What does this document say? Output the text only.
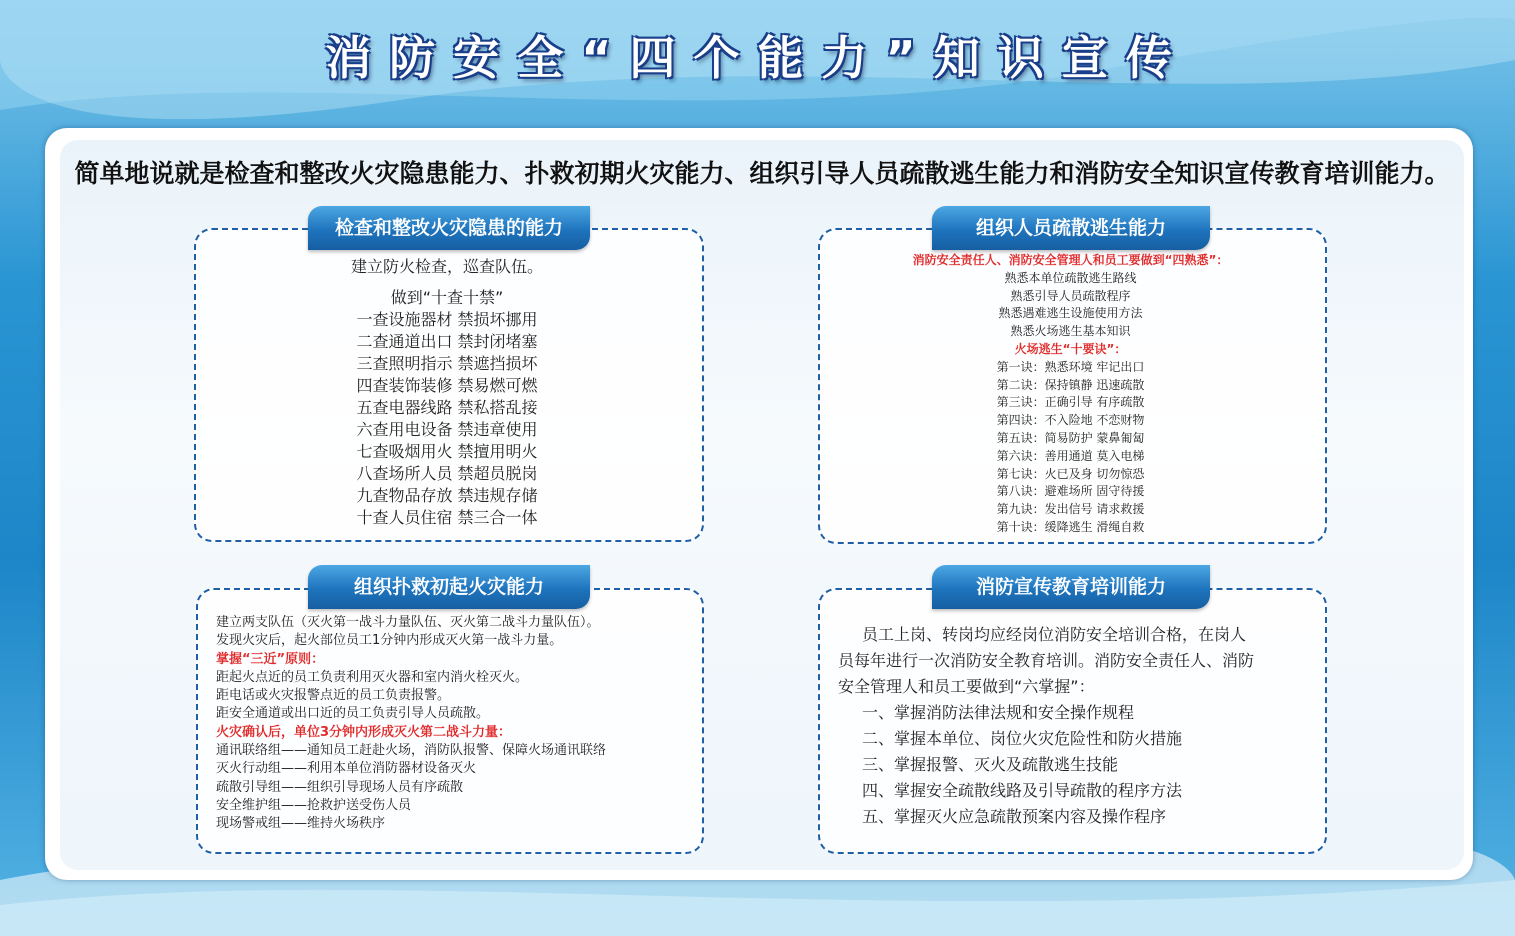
消防安全“四个能力”知识宣传
简单地说就是检查和整改火灾隐患能力、扑救初期火灾能力、组织引导人员疏散逃生能力和消防安全知识宣传教育培训能力。
检查和整改火灾隐患的能力
建立防火检查，巡查队伍。
做到“十查十禁”
一查设施器材 禁损坏挪用
二查通道出口 禁封闭堵塞
三查照明指示 禁遮挡损坏
四查装饰装修 禁易燃可燃
五查电器线路 禁私搭乱接
六查用电设备 禁违章使用
七查吸烟用火 禁擅用明火
八查场所人员 禁超员脱岗
九查物品存放 禁违规存储
十查人员住宿 禁三合一体
组织人员疏散逃生能力
消防安全责任人、消防安全管理人和员工要做到“四熟悉”：
熟悉本单位疏散逃生路线
熟悉引导人员疏散程序
熟悉遇难逃生设施使用方法
熟悉火场逃生基本知识
火场逃生“十要诀”：
第一诀：熟悉环境 牢记出口
第二诀：保持镇静 迅速疏散
第三诀：正确引导 有序疏散
第四诀：不入险地 不恋财物
第五诀：简易防护 蒙鼻匍匐
第六诀：善用通道 莫入电梯
第七诀：火已及身 切勿惊恐
第八诀：避难场所 固守待援
第九诀：发出信号 请求救援
第十诀：缓降逃生 滑绳自救
组织扑救初起火灾能力
建立两支队伍（灭火第一战斗力量队伍、灭火第二战斗力量队伍）。
发现火灾后，起火部位员工1分钟内形成灭火第一战斗力量。
掌握“三近”原则：
距起火点近的员工负责利用灭火器和室内消火栓灭火。
距电话或火灾报警点近的员工负责报警。
距安全通道或出口近的员工负责引导人员疏散。
火灾确认后，单位3分钟内形成灭火第二战斗力量：
通讯联络组——通知员工赶赴火场，消防队报警、保障火场通讯联络
灭火行动组——利用本单位消防器材设备灭火
疏散引导组——组织引导现场人员有序疏散
安全维护组——抢救护送受伤人员
现场警戒组——维持火场秩序
消防宣传教育培训能力
员工上岗、转岗均应经岗位消防安全培训合格，在岗人
员每年进行一次消防安全教育培训。消防安全责任人、消防
安全管理人和员工要做到“六掌握”：
一、掌握消防法律法规和安全操作规程
二、掌握本单位、岗位火灾危险性和防火措施
三、掌握报警、灭火及疏散逃生技能
四、掌握安全疏散线路及引导疏散的程序方法
五、掌握灭火应急疏散预案内容及操作程序
